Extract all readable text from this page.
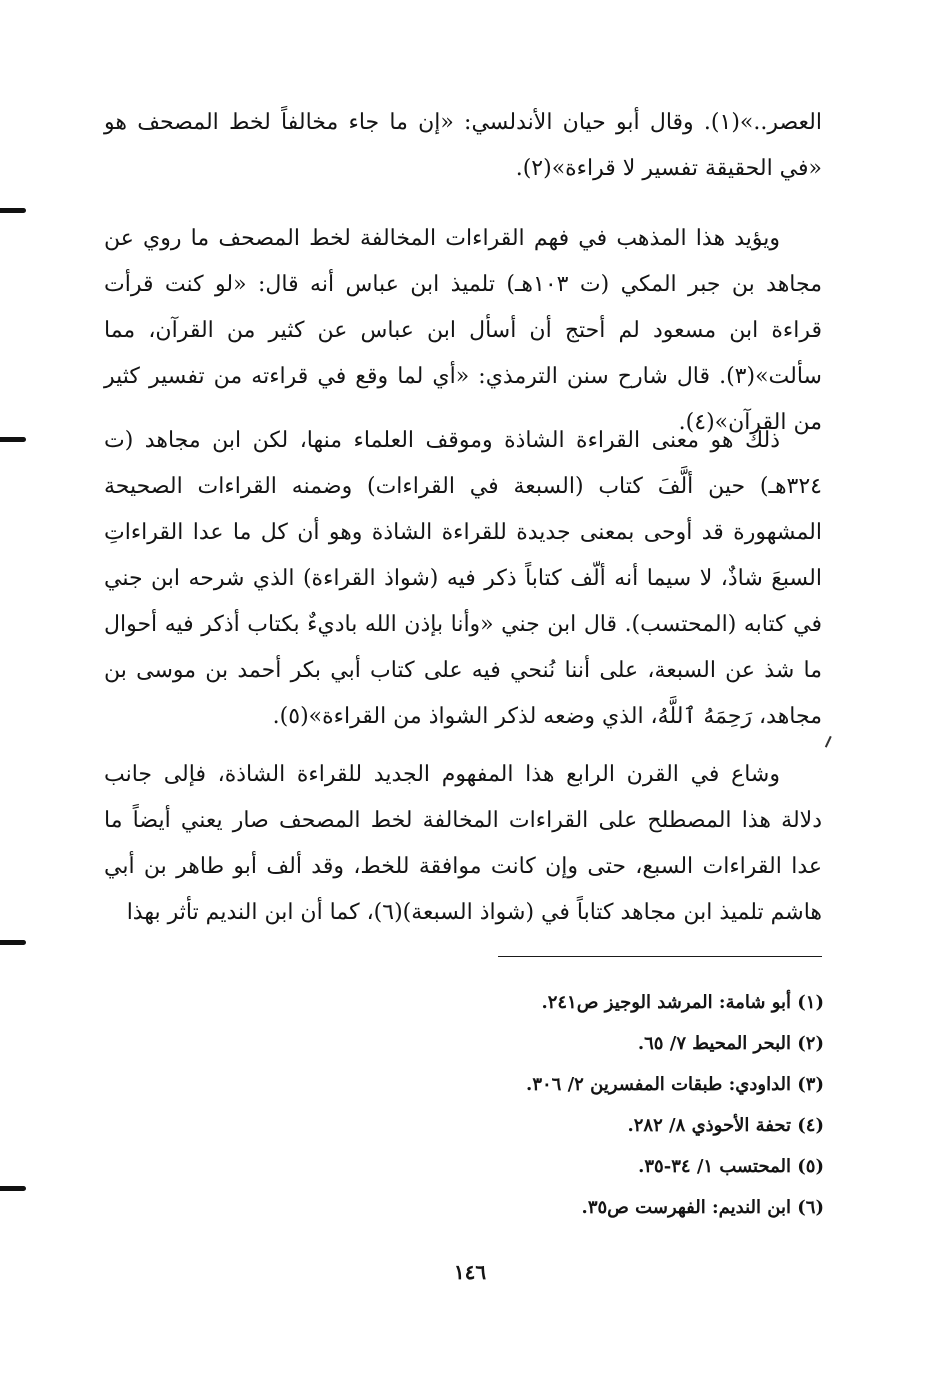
العصر..»(١). وقال أبو حيان الأندلسي: «إن ما جاء مخالفاً لخط المصحف هو «في الحقيقة تفسير لا قراءة»(٢).

ويؤيد هذا المذهب في فهم القراءات المخالفة لخط المصحف ما روي عن مجاهد بن جبر المكي (ت ١٠٣هـ) تلميذ ابن عباس أنه قال: «لو كنت قرأت قراءة ابن مسعود لم أحتج أن أسأل ابن عباس عن كثير من القرآن، مما سألت»(٣). قال شارح سنن الترمذي: «أي لما وقع في قراءته من تفسير كثير من القرآن»(٤).

ذلك هو معنى القراءة الشاذة وموقف العلماء منها، لكن ابن مجاهد (ت ٣٢٤هـ) حين ألَّفَ كتاب (السبعة في القراءات) وضمنه القراءات الصحيحة المشهورة قد أوحى بمعنى جديدة للقراءة الشاذة وهو أن كل ما عدا القراءاتِ السبعَ شاذٌ، لا سيما أنه ألّف كتاباً ذكر فيه (شواذ القراءة) الذي شرحه ابن جني في كتابه (المحتسب). قال ابن جني «وأنا بإذن الله باديءٌ بكتاب أذكر فيه أحوال ما شذ عن السبعة، على أننا نُنحي فيه على كتاب أبي بكر أحمد بن موسى بن مجاهد، رَحِمَهُ ٱللَّهُ، الذي وضعه لذكر الشواذ من القراءة»(٥).

وشاع في القرن الرابع هذا المفهوم الجديد للقراءة الشاذة، فإلى جانب دلالة هذا المصطلح على القراءات المخالفة لخط المصحف صار يعني أيضاً ما عدا القراءات السبع، حتى وإن كانت موافقة للخط، وقد ألف أبو طاهر بن أبي هاشم تلميذ ابن مجاهد كتاباً في (شواذ السبعة)(٦)، كما أن ابن النديم تأثر بهذا

(١) أبو شامة: المرشد الوجيز ص٢٤١.
(٢) البحر المحيط ٧/ ٦٥.
(٣) الداودي: طبقات المفسرين ٢/ ٣٠٦.
(٤) تحفة الأحوذي ٨/ ٢٨٢.
(٥) المحتسب ١/ ٣٤-٣٥.
(٦) ابن النديم: الفهرست ص٣٥.
١٤٦
